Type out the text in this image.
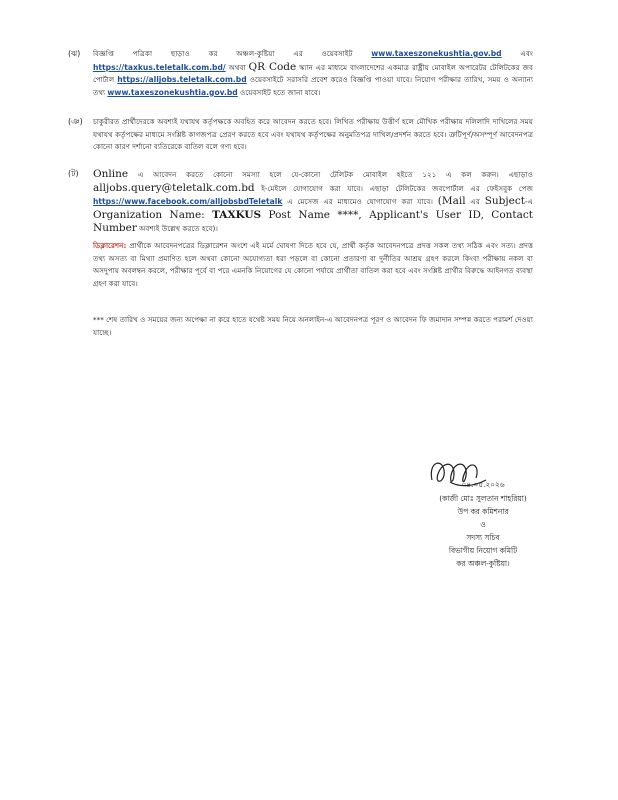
(ঝ) বিজ্ঞপ্তি পত্রিকা ছাড়াও কর অঞ্চল-কুষ্টিয়া এর ওয়েবসাইট www.taxeszonekushtia.gov.bd এবং https://taxkus.teletalk.com.bd/ অথবা QR Code স্ক্যান এর মাধ্যমে বাংলাদেশের একমাত্র রাষ্ট্রীয় মোবাইল অপারেটর টেলিটকের জব পোর্টাল https://alljobs.teletalk.com.bd ওয়েবসাইটে সরাসরি প্রবেশ করেও বিজ্ঞপ্তি পাওয়া যাবে। নিয়োগ পরীক্ষার তারিখ, সময় ও অন্যান্য তথ্য www.taxeszonekushtia.gov.bd ওয়েবসাইট হতে জানা যাবে।
(ঞ) চাকুরীরত প্রার্থীদেরকে অবশ্যই যথাযথ কর্তৃপক্ষকে অবহিত করে আবেদন করতে হবে। লিখিত পরীক্ষায় উত্তীর্ণ হলে মৌখিক পরীক্ষায় দলিলাদি দাখিলের সময় যথাযথ কর্তৃপক্ষের মাধ্যমে সংশ্লিষ্ট কাগজপত্র প্রেরণ করতে হবে এবং যথাযথ কর্তৃপক্ষের অনুমতিপত্র দাখিল/প্রদর্শন করতে হবে। ত্রুটিপূর্ণ/অসম্পূর্ণ আবেদনপত্র কোনো কারণ দর্শানো ব্যতিরেকে বাতিল বলে গণ্য হবে।
(ট) Online এ আবেদন করতে কোনো সমস্যা হলে যে-কোনো টেলিটক মোবাইল হইতে ১২১ এ কল করুন। এছাড়াও alljobs.query@teletalk.com.bd ই-মেইলে যোগাযোগ করা যাবে। এছাড়া টেলিটকের জবপোর্টাল এর ফেইসবুক পেজ https://www.facebook.com/alljobsbdTeletalk এ মেসেজ এর মাধ্যমেও যোগাযোগ করা যাবে। (Mail এর Subject-এ Organization Name: TAXKUS Post Name ****, Applicant's User ID, Contact Number অবশ্যই উল্লেখ করতে হবে)।
ডিক্লারেশন: প্রার্থীকে আবেদনপত্রের ডিক্লারেশন অংশে এই মর্মে ঘোষণা দিতে হবে যে, প্রার্থী কর্তৃক আবেদনপত্রে প্রদত্ত সকল তথ্য সঠিক এবং সত্য। প্রদত্ত তথ্য অসত্য বা মিথ্যা প্রমাণিত হলে অথবা কোনো অযোগ্যতা ধরা পড়লে বা কোনো প্রতারণা বা দুর্নীতির আশ্রয় গ্রহণ করলে কিংবা পরীক্ষায় নকল বা অসদুপায় অবলম্বন করলে, পরীক্ষার পূর্বে বা পরে এমনকি নিয়োগের যে কোনো পর্যায়ে প্রার্থীতা বাতিল করা হবে এবং সংশ্লিষ্ট প্রার্থীর বিরুদ্ধে আইনগত ব্যবস্থা গ্রহণ করা যাবে।
*** শেষ তারিখ ও সময়ের জন্য অপেক্ষা না করে হাতে যথেষ্ট সময় নিয়ে অনলাইন-এ আবেদনপত্র পূরণ ও আবেদন ফি জমাদান সম্পন্ন করতে পরামর্শ দেওয়া যাচ্ছে।
০৪.০৫.২০২৬
(কাজী মোঃ সুলতান শাহরিয়া)
উপ কর কমিশনার
ও
সদস্য সচিব
বিভাগীয় নিয়োগ কমিটি
কর অঞ্চল-কুষ্টিয়া।
